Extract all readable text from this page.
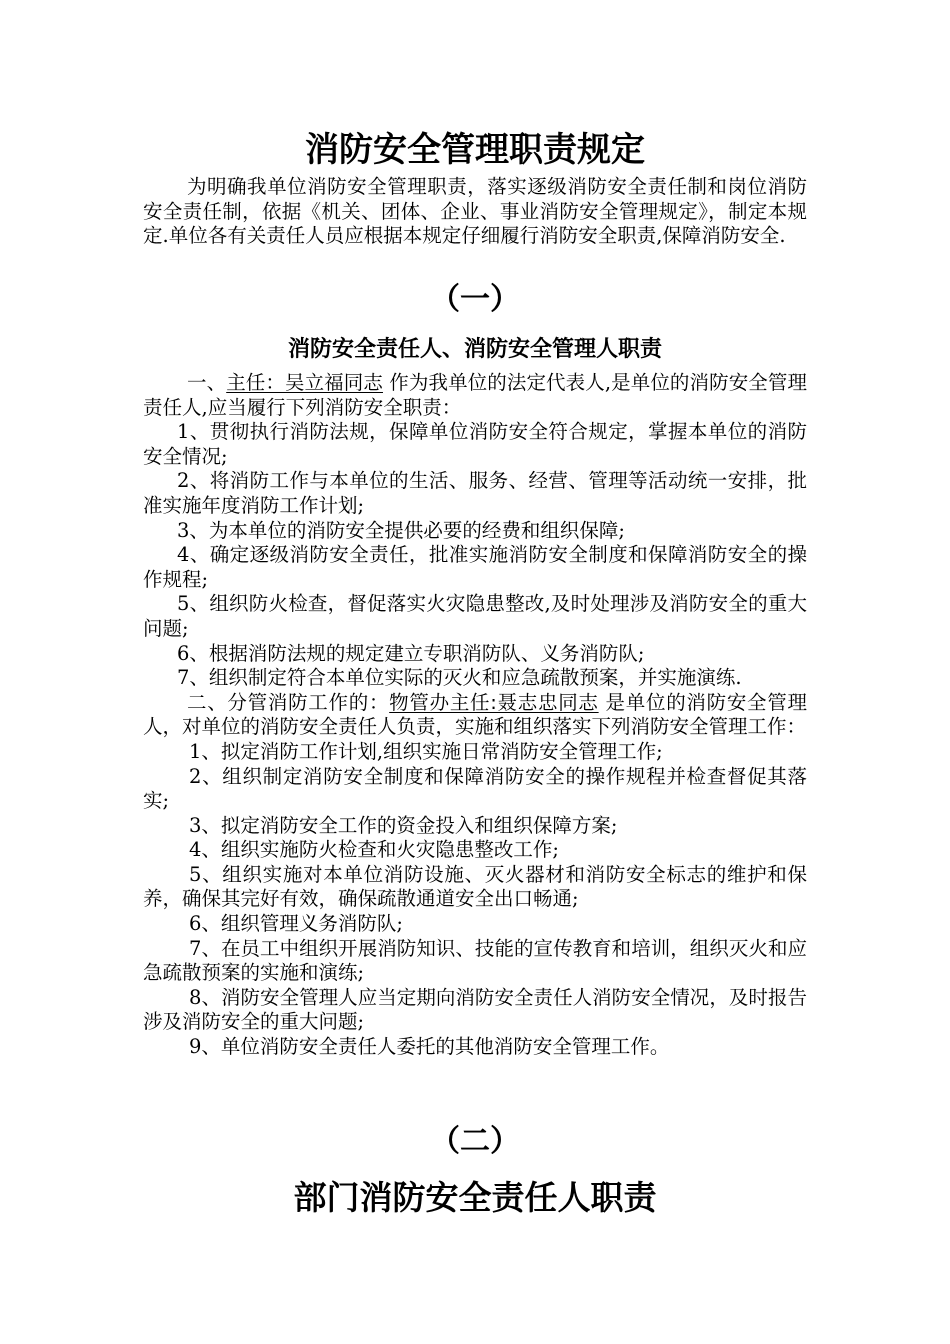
消防安全管理职责规定

为明确我单位消防安全管理职责，落实逐级消防安全责任制和岗位消防安全责任制，依据《机关、团体、企业、事业消防安全管理规定》，制定本规定.单位各有关责任人员应根据本规定仔细履行消防安全职责,保障消防安全.

（一）
消防安全责任人、消防安全管理人职责

一、主任：吴立福同志 作为我单位的法定代表人,是单位的消防安全管理责任人,应当履行下列消防安全职责：

1、贯彻执行消防法规，保障单位消防安全符合规定，掌握本单位的消防安全情况;

2、将消防工作与本单位的生活、服务、经营、管理等活动统一安排，批准实施年度消防工作计划;

3、为本单位的消防安全提供必要的经费和组织保障;

4、确定逐级消防安全责任，批准实施消防安全制度和保障消防安全的操作规程;

5、组织防火检查，督促落实火灾隐患整改,及时处理涉及消防安全的重大问题;

6、根据消防法规的规定建立专职消防队、义务消防队;

7、组织制定符合本单位实际的灭火和应急疏散预案，并实施演练.

二、分管消防工作的：物管办主任:聂志忠同志 是单位的消防安全管理人，对单位的消防安全责任人负责，实施和组织落实下列消防安全管理工作：

1、拟定消防工作计划,组织实施日常消防安全管理工作;

2、组织制定消防安全制度和保障消防安全的操作规程并检查督促其落实;

3、拟定消防安全工作的资金投入和组织保障方案;

4、组织实施防火检查和火灾隐患整改工作;

5、组织实施对本单位消防设施、灭火器材和消防安全标志的维护和保养，确保其完好有效，确保疏散通道安全出口畅通;

6、组织管理义务消防队;

7、在员工中组织开展消防知识、技能的宣传教育和培训，组织灭火和应急疏散预案的实施和演练;

8、消防安全管理人应当定期向消防安全责任人消防安全情况，及时报告涉及消防安全的重大问题;

9、单位消防安全责任人委托的其他消防安全管理工作。

（二）
部门消防安全责任人职责
